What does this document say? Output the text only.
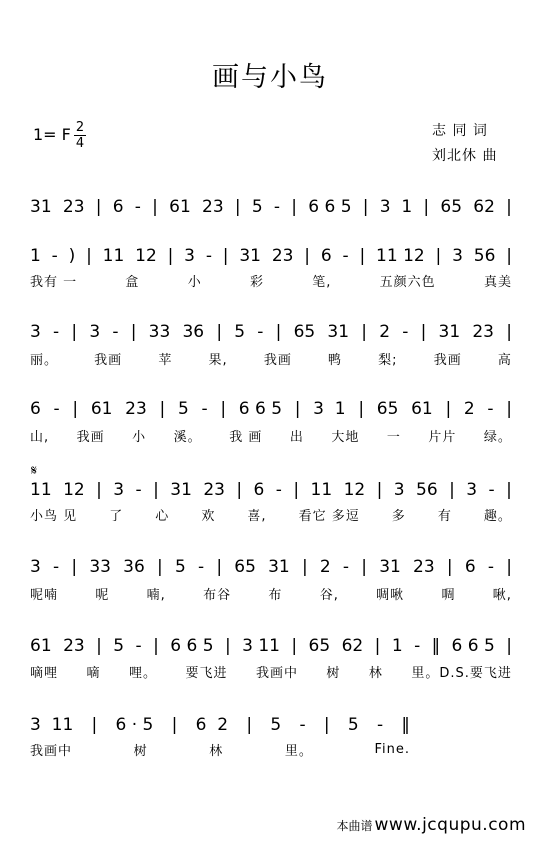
画与小鸟
1= F 2
4
志 同 词
刘北休 曲
𝄋
31 23 | 6 - | 61 23 | 5 - | 6 6 5 | 3  1 | 65 62 |
1 - ) | 11 12 | 3 - | 31 23 | 6 - | 11 12 | 3 56 |
我有 一	盒	小	彩	笔,	五颜六色	真美
3 - | 3 - | 33 36 | 5 - | 65 31 | 2 - | 31 23 |
丽。	我画	苹	果,	我画	鸭	梨;	我画	高
6 - | 61 23 | 5 - | 6 6 5 | 3  1 | 65 61 | 2 - |
山, 我画 小 溪。 我 画 出 大地 一 片片 绿。
11 12 | 3 - | 31 23 | 6 - | 11 12 | 3 56 | 3 - |
小鸟 见 了 心 欢 喜, 看它 多逗 多 有 趣。
3 - | 33 36 | 5 - | 65 31 | 2 - | 31 23 | 6 - |
呢喃	呢	喃,	布谷	布	谷,	啁啾	啁	啾,
61 23 | 5 - | 6 6 5 | 3 11 | 65 62 | 1 - ‖ 6 6 5 |
嘀哩 嘀 哩。 要飞进 我画中 树 林 里。D.S.要飞进
3  11 | 6 · 5 | 6  2 | 5 - | 5 - ‖
我画中	树	林	里。	Fine.
本曲谱 www.jcqupu.com
